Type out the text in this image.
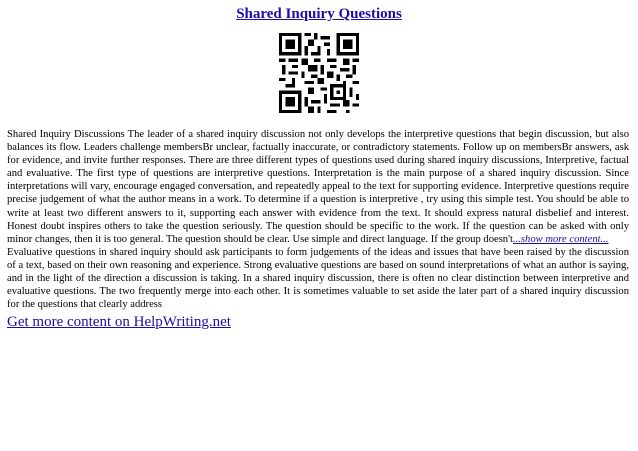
Shared Inquiry Questions

Shared Inquiry Discussions The leader of a shared inquiry discussion not only develops the interpretive questions that begin discussion, but also balances its flow. Leaders challenge membersBr unclear, factually inaccurate, or contradictory statements. Follow up on membersBr answers, ask for evidence, and invite further responses. There are three different types of questions used during shared inquiry discussions, Interpretive, factual and evaluative. The first type of questions are interpretive questions. Interpretation is the main purpose of a shared inquiry discussion. Since interpretations will vary, encourage engaged conversation, and repeatedly appeal to the text for supporting evidence. Interpretive questions require precise judgement of what the author means in a work. To determine if a question is interpretive , try using this simple test. You should be able to write at least two different answers to it, supporting each answer with evidence from the text. It should express natural disbelief and interest. Honest doubt inspires others to take the question seriously. The question should be specific to the work. If the question can be asked with only minor changes, then it is too general. The question should be clear. Use simple and direct language. If the group doesn't...show more content...

Evaluative questions in shared inquiry should ask participants to form judgements of the ideas and issues that have been raised by the discussion of a text, based on their own reasoning and experience. Strong evaluative questions are based on sound interpretations of what an author is saying, and in the light of the direction a discussion is taking. In a shared inquiry discussion, there is often no clear distinction between interpretive and evaluative questions. The two frequently merge into each other. It is sometimes valuable to set aside the later part of a shared inquiry discussion for the questions that clearly address

Get more content on HelpWriting.net
